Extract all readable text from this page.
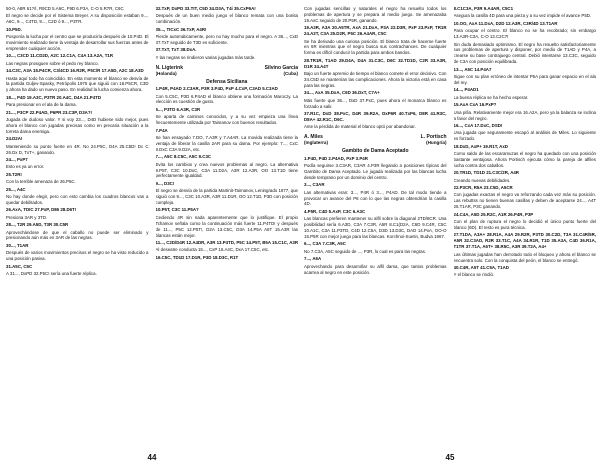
50-0, A8R 61?/I, R9CD 5.A6C, F9D 6.P3A, C-O 5.R7R, C6C

El negro se decide por el Sistema Breyer. A su disposición estaban 9..., A6C, 9..., C4TD, 9..., C2D ó 9..., P3TR.

10.P5D.

Posponía la lucha por el centro que se produciría después de 10.P4D. El movimiento realizado tiene la ventaja de desarrollar sus fuerzas antes de emprender cualquier acción.

10..., C3CD 11.CD2D, A2C 12.C1A, C4A 13.A2A, T1R

Las negras prosiguen sobre el pedo rey blanco.

14.C3C, A3A 15.P4CR, C3/4CD 16.R2R, P5C/R 17.A5D, A2C 18.A3D

Hasta aquí todo ha coincidido. En esta momento el blanco se desvía de la partida Guljev-Spasky, Petrópolis 1975 que siguió con 18.P5CR, C3D y ahora ha dado un nuevo paso. En realidad la lucha comienza ahora.

18..., P4D 19.A3C, P3TR 20.A4C, D4A 21.P4TD

Para presionar en el ala de la dama.

21..., P3CP 22.P4AD, P6PR 23.C3P, D3A?!

Jugada de dudoso valor. Y si voy 23..., D4D hubiese sido mejor, pues ahora el blanco con jugadas precisas como en precaria situación a la torreta dama enemiga.

24.D2A!

Manteniendo su punto fuerte en 4R. No 24.P5C, D4A 25.C5D! Dc C 26.Dx D, TxT+, ganando.

24..., PxP7

Esto es ya un error.

25.T2R!

Con la terrible amenaza de 26.P5C.

25..., A4C

No hay donde elegir, pero con esto cambia los cuadros blancos van a quedar debilitados.

26.AxA, TDIC 27.PxP, D86 28.D6T!

Presiona 3AR y 3TD.

28..., T2R 29.A5D, T3R 30.C5R

Aprovechándose de que el caballo no puede ser eliminado y presionando aún más en 3AR de las negras.

30..., T1AR

Después de varios movimientos precisos el negro se ha visto reducido a una posición pasiva.

31.A5C, C5C

A 31..., DxPD 32.P5C! sería una fuerte réplica.

32.TxP, DxPD 33.TIT, C5D 34.D3A, T4i 35.CxP6A!

Después de un buen medio juego el blanco remata con una bonita combinación.

35..., TICxC 36.TxP, A4R!

Pierde automáticamente, pero no hay mucho para el negro. A 36..., CxD 37.TxT seguido de T3D es suficiente.

37.TxT, TxT 38.DxA.

Y las negras se rindieron varias jugadas más tarde.

N. Ligterink	Silvino Garcia
(Holanda)	(Cuba)
Defensa Siciliana

1.P4R, P4AD 2.C3AR, P3R 3.P4D, PxP 4.CxP, C3AD 5.C3AD

Con 5.C5C, P3D 6.P4AD el blanco obtiene una formación Maroczy. La elección es cuestión de gusto.

5..., P3TD 6.A3R, C3R

Se aparta de caminos conocidos, y a su vez empieza una línea frecuentemente utilizada por Taimanov con buenos resultados.

7.P4A

Se han ensayado 7.DO, 7.A3R y 7.A4AR. La movida realizada tiene la ventaja de liberar la casilla 2AR para su dama. Por ejemplo: 7..., CxC 8.DxC C3A 9.D2A, etc.

7..., A5C 8.C5C, A5C 9.C3C

Evita los cambios y crea nuevos problemas al negro. La alternativa 9.P5T, C3C 10.DxC, C3A 11.D2A, A3R 12.A3R, OO 13.T1D tiene perfectamente igualdad.

9..., D3C!

El negro se desvía de la partida Martinit-Taimanov, Leningrado 1977, que siguió con 9..., C3C 10.A3R, A3R 11.D1R, OO 12.T1D, P3D con posición compleja.

10.P5T, C3C 11.P5A?

Cediendo 4R sin nada aparentemente que lo justifique. El propio Tchamov señala como la continuación más fuerte 11.P4TD! y después de 11..., P5C 12.P5T!, D2A 13.C5C, D3A 14.P5A A5T 15.A3R las blancas están mejor.

11..., C2D/D4R 12.A4DR, A3R 13.P4TD, P5C 14.P5T, B5A 15.C1C, A3R

Al deseatre conducta 15..., CxP 16.A4C, DxA 17.C5C, etc.

16.C5C, TD1D 17.D1R, P3D 18.D3C, R1T

44

Con jugadas sencillas y naturales el negro ha resuelto todos los problemas de apertura y se prepara al medio juego. Se amenazaba 19.AxC seguido de 20.P5R, ganando.

19.A3R, A3A 20.A5TR, AxA 21.DxA, P3A 22.D3R, PxP 23.PxP, TR1R 24.A2T, C3A 25.D2R, P5C 26.A4AR, C5C

Se ha derivado una curiosa posición. El blanco trata de hacerse fuerte en 6R mientras que el negro busca sus contrachances. De cualquier forma es difícil conducir la partida para ambos bandos.

28.TR1R, T1AD 29.D4A, D4A 31.C3C, D6C 32.TD1D, C2R 33.A3R, D1R 34.A4T

Bajo un fuerte apremio de tiempo el blanco comete el error decisivo. Con 34.C5D se mantenían las complicaciones. Ahora la victoria está en casa para las negras.

34..., AxA 35.DxA, C6D 36.DxT, C7A+

Más fuerte que 36..., DxD 37.PxC, pues ahora el monarca blanco es forzado a salir.

37.R1C, DxD 38.PxC, D4R 39.R2A, DxP6R 40.TxP6, D8R 41.R3C, D8A+ 42.R1C, D6C.

Ante la pérdida de material el blanco optó por abandonar.

A. Miles	L. Portisch
(Inglaterra)	(Hungría)
Gambito de Dama Aceptado

1.P4D, P4D 2.P4AD, PxP 3.P4R

Podía seguirse 3.C3AR, C3AR 4.P3R llegando a posiciones típicas del Gambito de Dama Aceptado. Le jugada realizada por las blancas lucha desde temprano por un dominio del centro.

3..., C3AR

Las alternativas eran: 3..., P4R ó 3..., P4AD. De tal modo tiende a provocar un avance del P6 con lo que las negras obtendrían la casilla 4D.

4.P5R, C4D 5.AxP, C3C 6.A3C

Las blancas prefieren mantener su alfil sobre la diagonal 2TD/8CR. Una posibilidad sería 6.A3D, C3A 7.C3R, A5R 8.C1(D2A, C6D 9.C4R, C5C 10.A1C, C3A 11.P3TD, C4D 12.C5A, D3D 13.D3C, DAD 14.PxA, OO-O 15.P5R con mejor juego para las blancas. Korchnoi-Suetin, Budva 1967.

6..., C3A 7.C3R, A5C

No 7.C3A, A5C seguido de ..., P3R, lo cual es para las negras.

7..., A6A

Aprovechando para desarrollar su alfil dama, que tantos problemas acarrea al negro en este posición.

8.C1C3A, P3R 9.A4AR, C5C1

Asegura la casilla 4D para una pieza y a su vez impide el avance P5D.

10.OO, AxA 11.DxA, D2D 12.A3R, C3R/4D 13.T1AR

Para ocupar el centro. El blanco no se ha recobrado; sin embargo 13.A3R-C3A, C-O 13.C2C7I

Sin duda demasiado optimismo. El negro ha resuelto satisfactoriamente sus problemas de apertura y disponer, por medio de T1AD y P4A, a crearse su base contrajuego central. Debió intentarse 13.C3C, seguido de C3A con posición equilibrada.

13..., A5C 14.P4A7

Sigue con su plan erróneo de intentar P5A para ganar espacio en el ala del rey.

14..., P4AD1

La buena réplica se ha hecho esperar.

15.AxA CxA 16.PxP?

Una pifia. Relativamente mejor era 16.A2A, pero ya la balanza se inclina a favor del negro.

16..., CxA 17.DxC, DSD!

Una jugada que seguramente escapó al análisis de Miles. Lo siguiente es forzado.

18.DxD, AxP+ 19.R1T, AxD

Como saldo de las escaramuzas el negro ha quedado con una posición bastante ventajosa. Ahora Portisch ejecuta cómo la pareja de alfiles lucha contra dos caballos.

20.TR1D, TD1D 21.C3C/2R, A4R

Creando nuevas debilidades.

22.P3CR, R5A 23.C5D, A5CR

Con jugadas exactas el negro va reforzando cada vez más su posición. Las rebuttss no tienen buenas casillas y deben de aceptarse 24..., A4T 25.T1AR, P3C ganando.

24.C4A, A5D 25.R2C, A1R 26.P4R, P3P

Con el plan de ruptura el negro lo decidió el único punto fuerte del blanco (6D). El resto es pura técnica.

27.T1DA, A3A+ 28.R1A, A4A 29.R2R, P3TD 30.C2D, T3A 31.C4R/5R, A5R 32.C3AD, R2R 33.T1C, A4A 34.R1R, T1D 35.A3A, C4D 36.R1A, T1TR 37.T1A, A6T+ 38.R5C, A3R 39.T2A, A4+

Las últimas jugadas han derrotado todo el bloqueo y ahora el blanco se encuentra solo. Con la conquista del peón, el blanco se entregó.

40.C4R, A5T 41.C5A, T1AD

Y el blanco se rindió.

45
